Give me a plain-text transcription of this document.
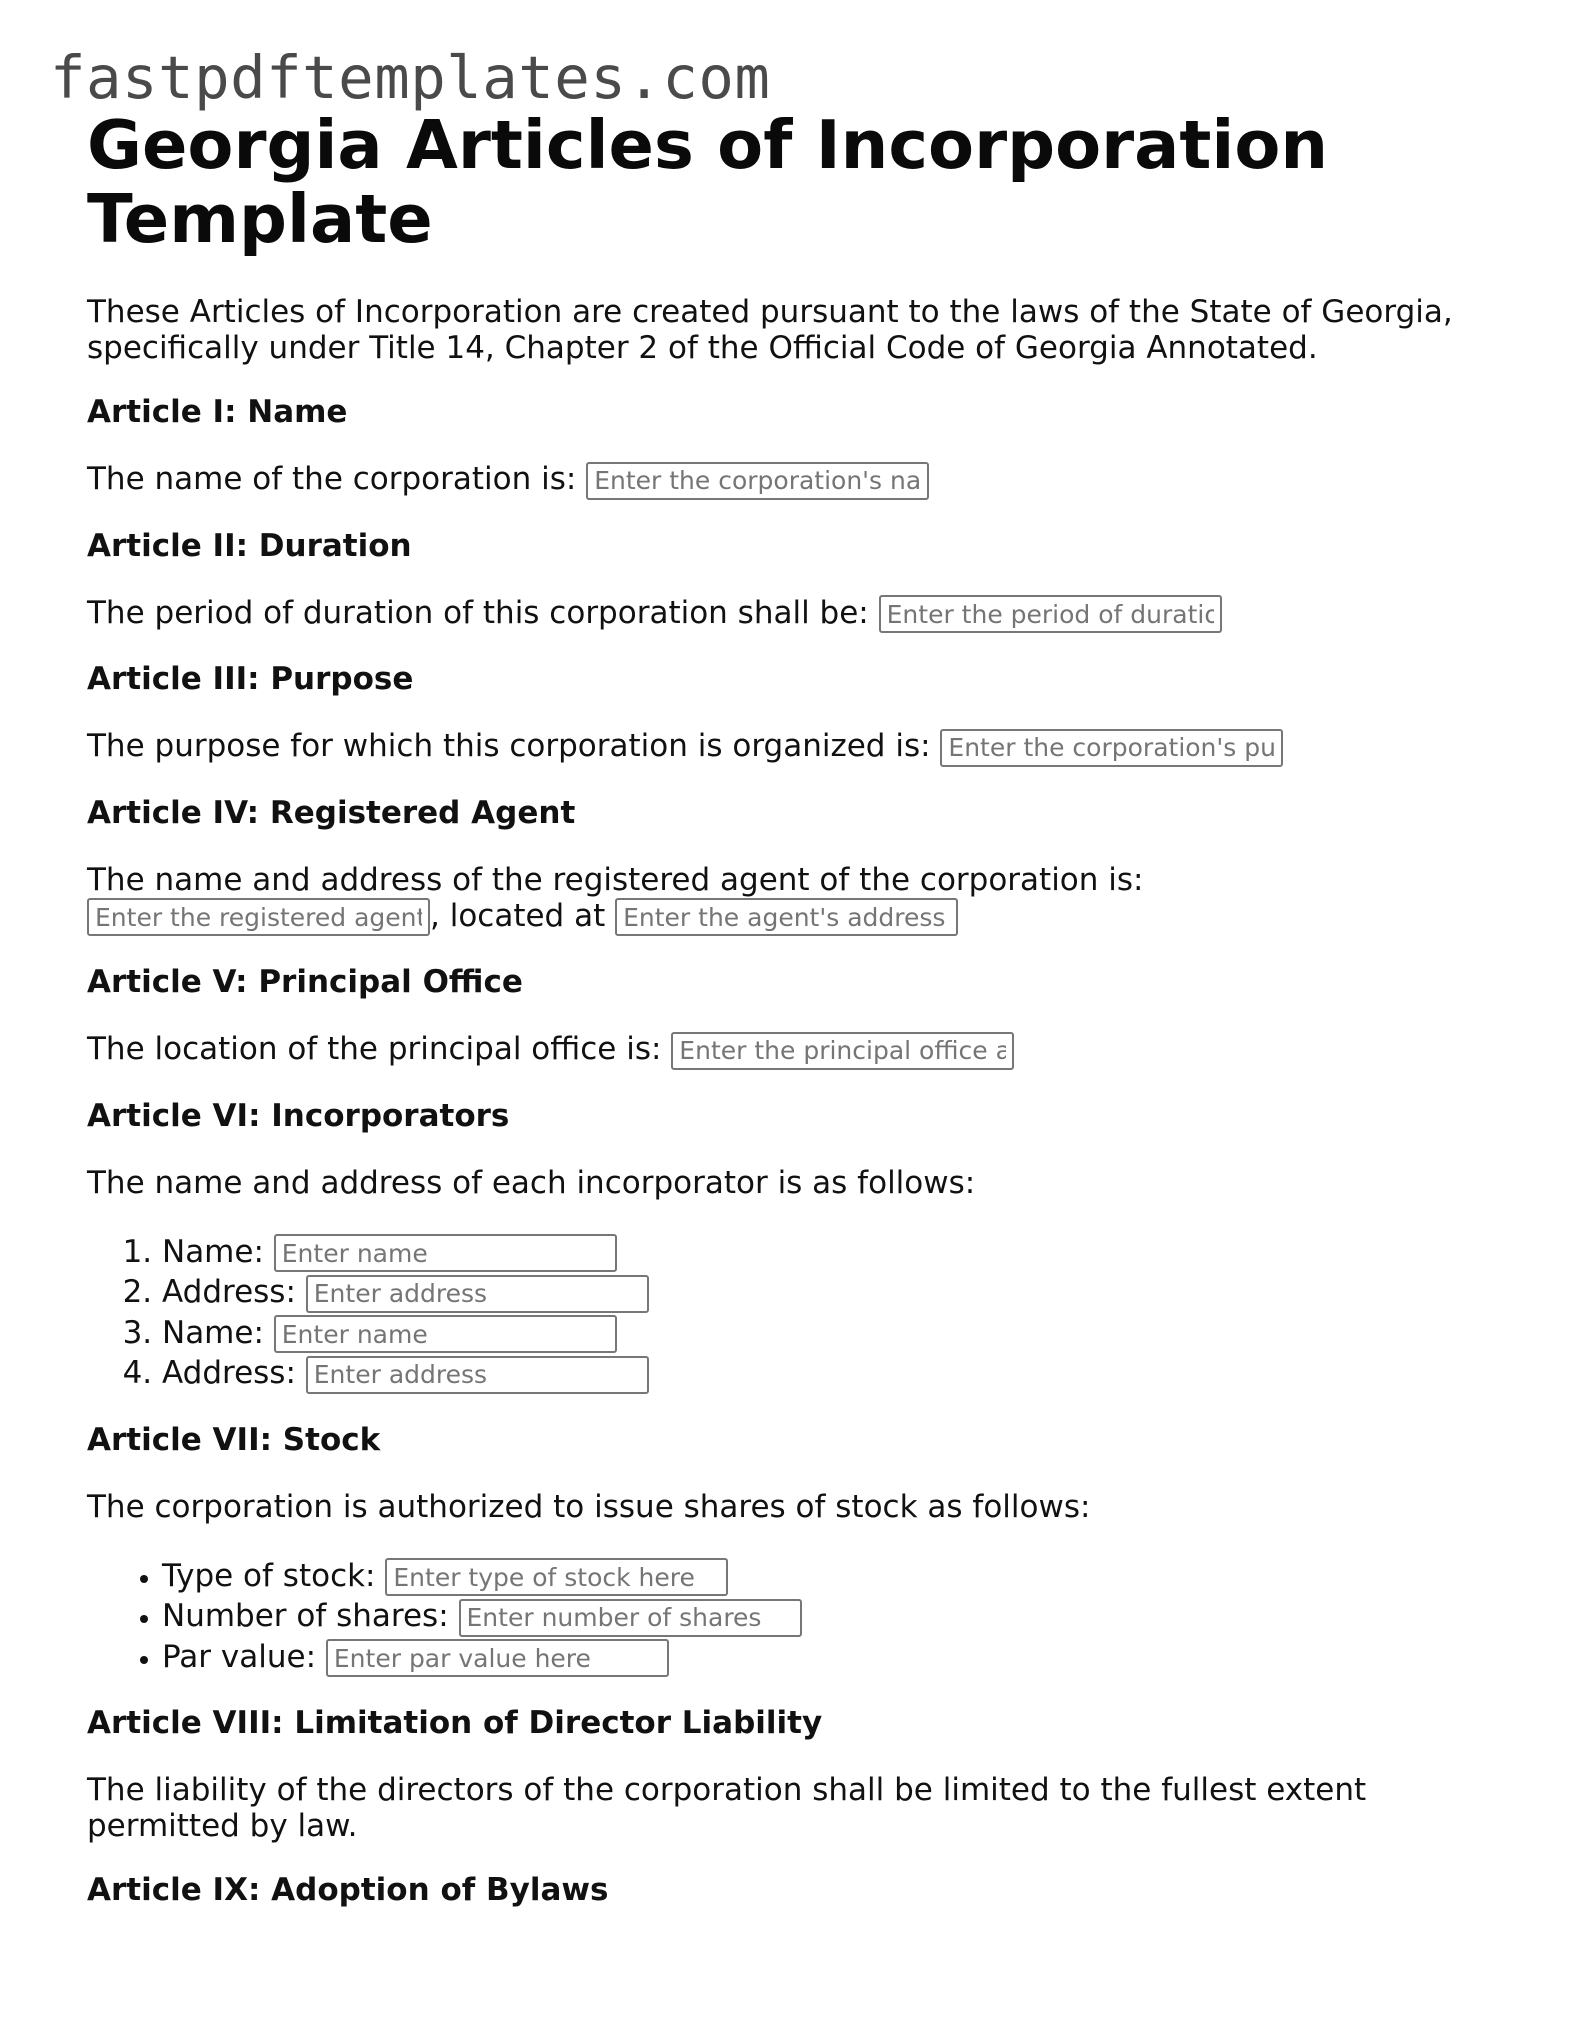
fastpdftemplates.com
Georgia Articles of Incorporation Template

These Articles of Incorporation are created pursuant to the laws of the State of Georgia, specifically under Title 14, Chapter 2 of the Official Code of Georgia Annotated.

Article I: Name

The name of the corporation is: Enter the corporation's name

Article II: Duration

The period of duration of this corporation shall be: Enter the period of duration

Article III: Purpose

The purpose for which this corporation is organized is: Enter the corporation's purpose

Article IV: Registered Agent

The name and address of the registered agent of the corporation is:
Enter the registered agent, located at Enter the agent's address

Article V: Principal Office

The location of the principal office is: Enter the principal office address

Article VI: Incorporators

The name and address of each incorporator is as follows:

1. Name: Enter name
2. Address: Enter address
3. Name: Enter name
4. Address: Enter address
Article VII: Stock

The corporation is authorized to issue shares of stock as follows:

• Type of stock: Enter type of stock here
• Number of shares: Enter number of shares
• Par value: Enter par value here
Article VIII: Limitation of Director Liability

The liability of the directors of the corporation shall be limited to the fullest extent permitted by law.

Article IX: Adoption of Bylaws
